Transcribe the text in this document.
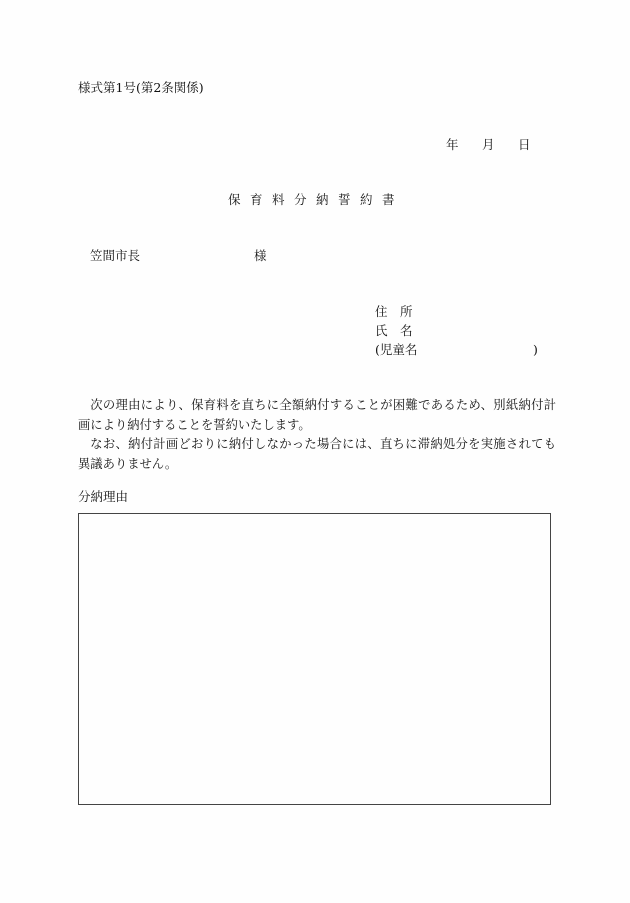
様式第1号(第2条関係)
年 月 日
保育料分納誓約書
笠間市長	様
住　所
氏　名
(児童名	)

次の理由により、保育料を直ちに全額納付することが困難であるため、別紙納付計画により納付することを誓約いたします。

なお、納付計画どおりに納付しなかった場合には、直ちに滞納処分を実施されても異議ありません。

分納理由
